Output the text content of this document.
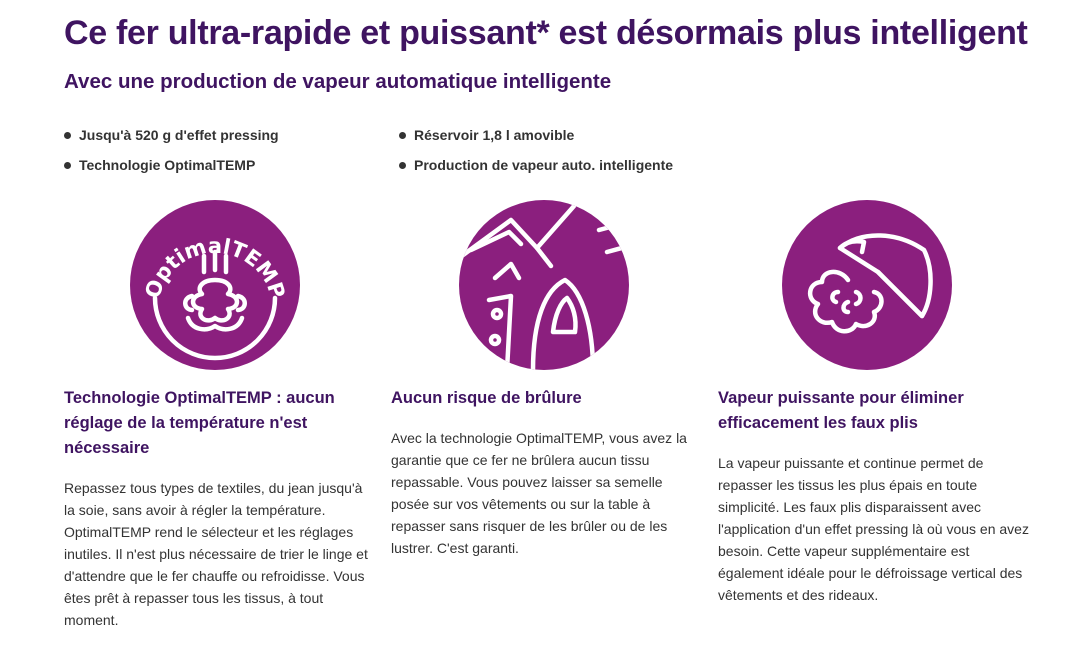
Ce fer ultra-rapide et puissant* est désormais plus intelligent
Avec une production de vapeur automatique intelligente
Jusqu'à 520 g d'effet pressing
Technologie OptimalTEMP
Réservoir 1,8 l amovible
Production de vapeur auto. intelligente
OptimalTEMP
Technologie OptimalTEMP : aucun réglage de la température n'est nécessaire

Repassez tous types de textiles, du jean jusqu'à la soie, sans avoir à régler la température. OptimalTEMP rend le sélecteur et les réglages inutiles. Il n'est plus nécessaire de trier le linge et d'attendre que le fer chauffe ou refroidisse. Vous êtes prêt à repasser tous les tissus, à tout moment.

Aucun risque de brûlure

Avec la technologie OptimalTEMP, vous avez la garantie que ce fer ne brûlera aucun tissu repassable. Vous pouvez laisser sa semelle posée sur vos vêtements ou sur la table à repasser sans risquer de les brûler ou de les lustrer. C'est garanti.

Vapeur puissante pour éliminer efficacement les faux plis

La vapeur puissante et continue permet de repasser les tissus les plus épais en toute simplicité. Les faux plis disparaissent avec l'application d'un effet pressing là où vous en avez besoin. Cette vapeur supplémentaire est également idéale pour le défroissage vertical des vêtements et des rideaux.
